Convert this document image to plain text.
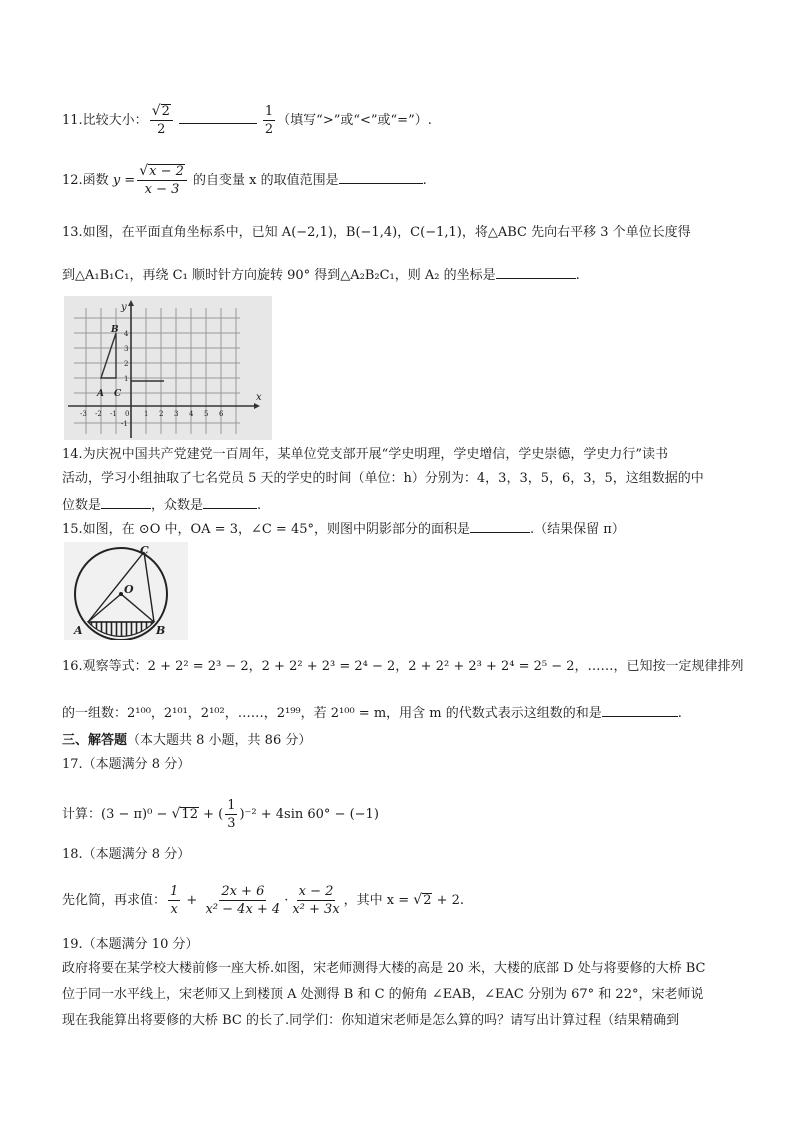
11.比较大小： $\frac{√2}{2}$	$\frac{1}{2}$ （填写“>”或“<”或“=”）.
12.函数 $y = \frac{√x - 2}{x - 3}$ 的自变量 x 的取值范围是	.
13.如图，在平面直角坐标系中，已知 A(−2,1)，B(−1,4)，C(−1,1)，将△ABC 先向右平移 3 个单位长度得
到△A₁B₁C₁，再绕 C₁ 顺时针方向旋转 90° 得到△A₂B₂C₁，则 A₂ 的坐标是	.
x
y
-3 -2 -1 0 1 2 3 4 5 6
4
3
2
1
-1
A C
B
14.为庆祝中国共产党建党一百周年，某单位党支部开展“学史明理，学史增信，学史崇德，学史力行”读书
活动，学习小组抽取了七名党员 5 天的学史的时间（单位：h）分别为：4，3，3，5，6，3，5，这组数据的中
位数是	，众数是	.
15.如图，在 ⊙O 中，OA = 3，∠C = 45°，则图中阴影部分的面积是	.（结果保留 π）
C
O
A	B
16.观察等式：2 + 2² = 2³ − 2，2 + 2² + 2³ = 2⁴ − 2，2 + 2² + 2³ + 2⁴ = 2⁵ − 2，……，已知按一定规律排列
的一组数：2¹⁰⁰，2¹⁰¹，2¹⁰²，……，2¹⁹⁹，若 2¹⁰⁰ = m，用含 m 的代数式表示这组数的和是	.
三、解答题（本大题共 8 小题，共 86 分）
17.（本题满分 8 分）
计算：(3 − π)⁰ − √12 + ( $\frac{1}{3} )^{-2} + 4\sin$ 60° − (−1)
18.（本题满分 8 分）
先化简，再求值： $\frac{1}{x} + \frac{2x + 6}{\text{x² − 4x + 4}} \cdot \frac{x - 2}{\text{x² + 3x}}$ ，其中 x = √2 + 2.
19.（本题满分 10 分）
政府将要在某学校大楼前修一座大桥.如图，宋老师测得大楼的高是 20 米，大楼的底部 D 处与将要修的大桥 BC
位于同一水平线上，宋老师又上到楼顶 A 处测得 B 和 C 的俯角 ∠EAB，∠EAC 分别为 67° 和 22°，宋老师说
现在我能算出将要修的大桥 BC 的长了.同学们：你知道宋老师是怎么算的吗？请写出计算过程（结果精确到
